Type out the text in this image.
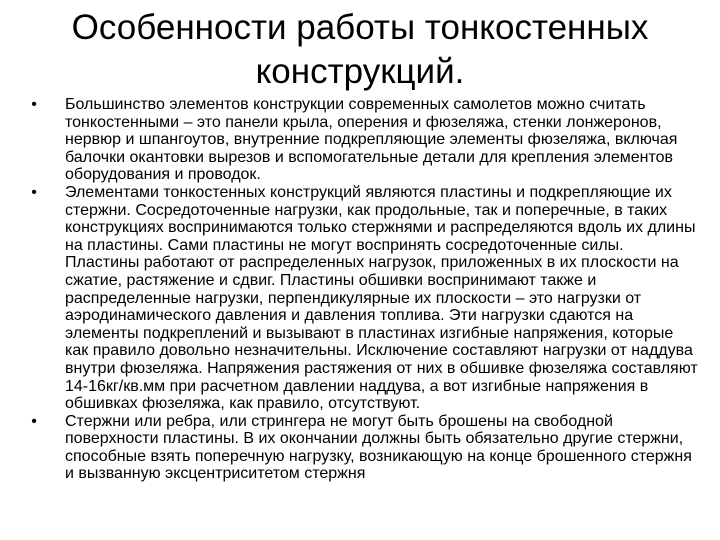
Особенности работы тонкостенных конструкций.
•	Большинство элементов конструкции современных самолетов можно считать тонкостенными – это панели крыла, оперения и фюзеляжа, стенки лонжеронов, нервюр и шпангоутов, внутренние подкрепляющие элементы фюзеляжа, включая балочки окантовки вырезов и вспомогательные детали для крепления элементов оборудования и проводок.
•	Элементами тонкостенных конструкций являются пластины и подкрепляющие их стержни. Сосредоточенные нагрузки, как продольные, так и поперечные, в таких конструкциях воспринимаются только стержнями и распределяются вдоль их длины на пластины. Сами пластины не могут воспринять сосредоточенные силы. Пластины работают от распределенных нагрузок, приложенных в их плоскости на сжатие, растяжение и сдвиг. Пластины обшивки воспринимают также и распределенные нагрузки, перпендикулярные их плоскости – это нагрузки от аэродинамического давления и давления топлива. Эти нагрузки сдаются на элементы подкреплений и вызывают в пластинах изгибные напряжения, которые как правило довольно незначительны. Исключение составляют нагрузки от наддува внутри фюзеляжа. Напряжения растяжения от них в обшивке фюзеляжа составляют 14-16кг/кв.мм при расчетном давлении наддува, а вот изгибные напряжения в обшивках фюзеляжа, как правило, отсутствуют.
•	Стержни или ребра, или стрингера не могут быть брошены на свободной поверхности пластины. В их окончании должны быть обязательно другие стержни, способные взять поперечную нагрузку, возникающую на конце брошенного стержня и вызванную эксцентриситетом стержня
